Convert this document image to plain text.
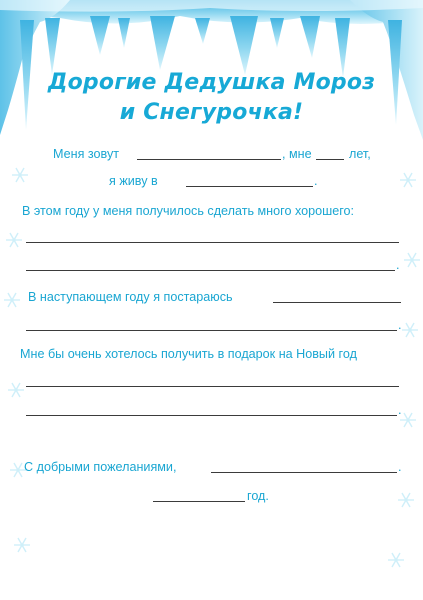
Дорогие Дедушка Мороз
и Снегурочка!
Меня зовут	, мне	лет,
я живу в	.
В этом году у меня получилось сделать много хорошего:
.
В наступающем году я постараюсь
.
Мне бы очень хотелось получить в подарок на Новый год
.
С добрыми пожеланиями,	.
год.
